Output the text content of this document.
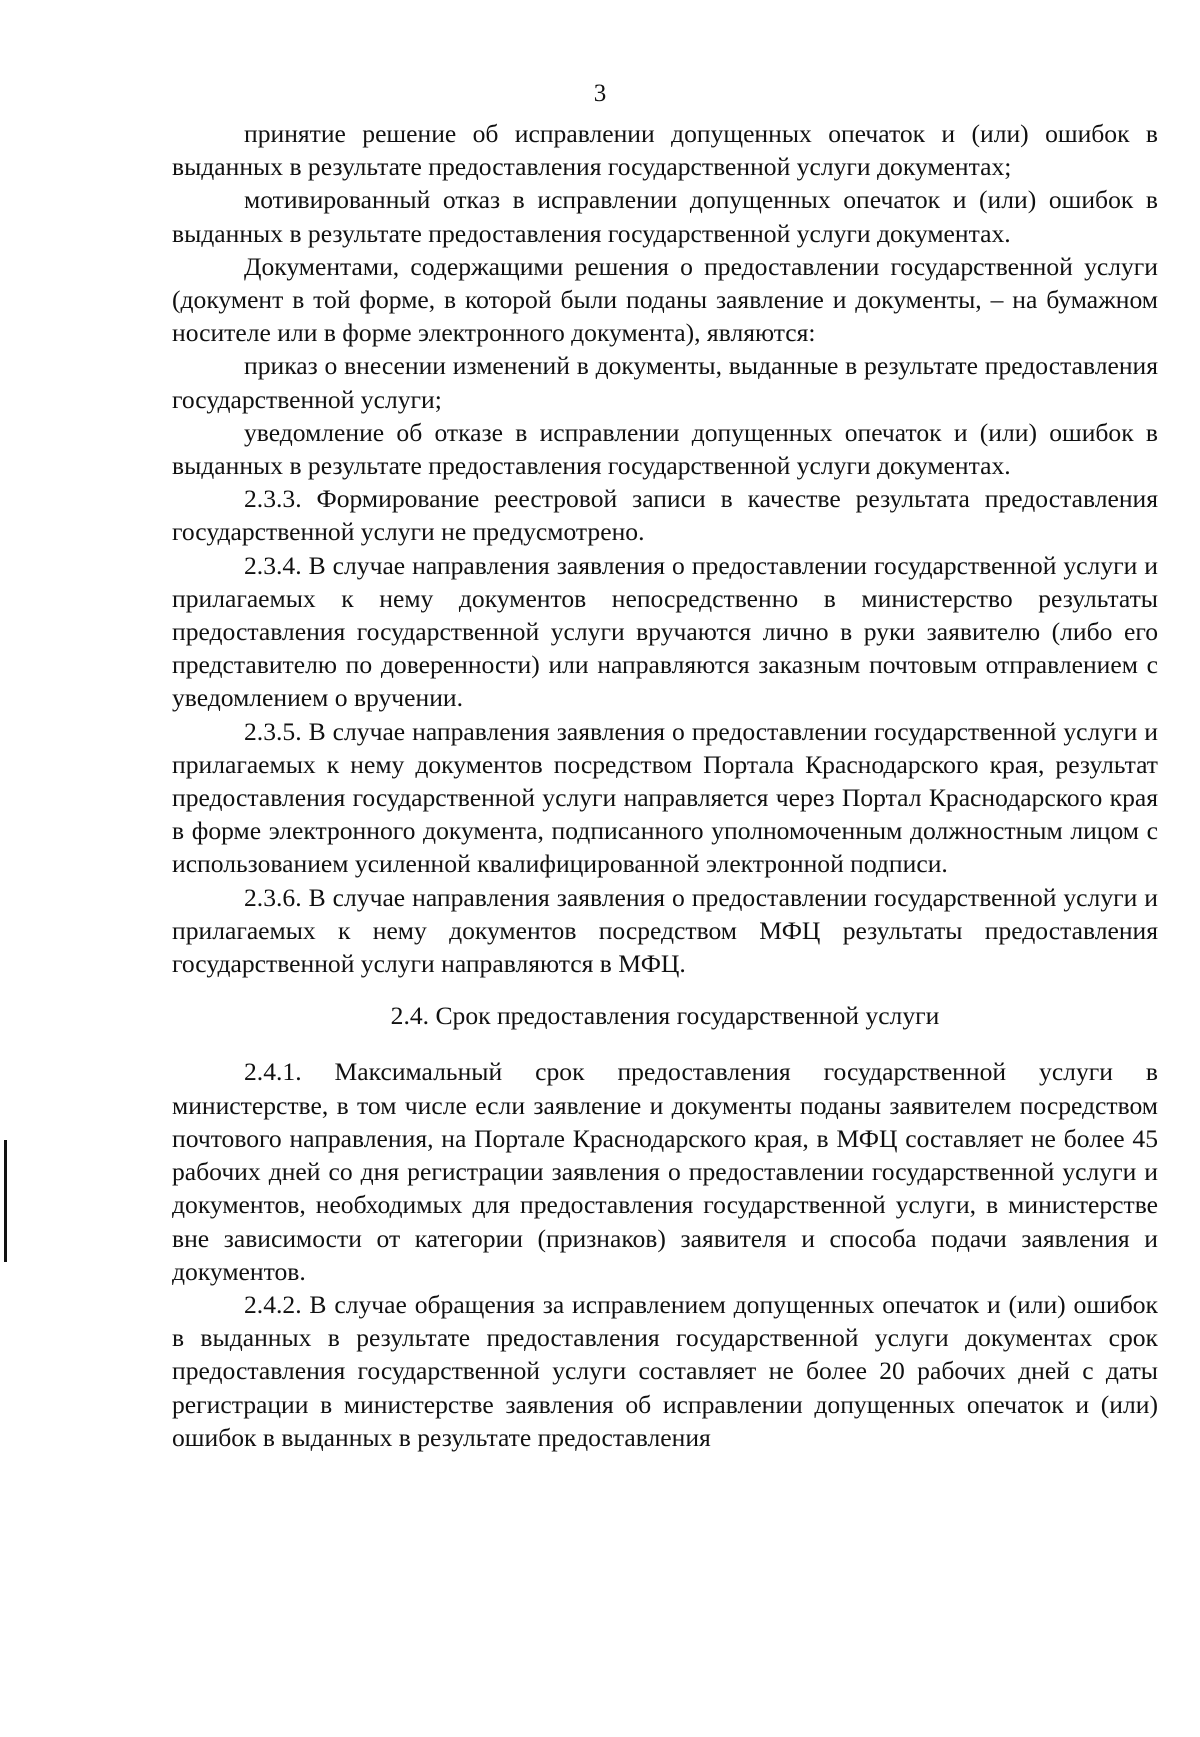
3

принятие решение об исправлении допущенных опечаток и (или) ошибок в выданных в результате предоставления государственной услуги документах;

мотивированный отказ в исправлении допущенных опечаток и (или) ошибок в выданных в результате предоставления государственной услуги документах.

Документами, содержащими решения о предоставлении государственной услуги (документ в той форме, в которой были поданы заявление и документы, – на бумажном носителе или в форме электронного документа), являются:

приказ о внесении изменений в документы, выданные в результате предоставления государственной услуги;

уведомление об отказе в исправлении допущенных опечаток и (или) ошибок в выданных в результате предоставления государственной услуги документах.

2.3.3. Формирование реестровой записи в качестве результата предоставления государственной услуги не предусмотрено.

2.3.4. В случае направления заявления о предоставлении государственной услуги и прилагаемых к нему документов непосредственно в министерство результаты предоставления государственной услуги вручаются лично в руки заявителю (либо его представителю по доверенности) или направляются заказным почтовым отправлением с уведомлением о вручении.

2.3.5. В случае направления заявления о предоставлении государственной услуги и прилагаемых к нему документов посредством Портала Краснодарского края, результат предоставления государственной услуги направляется через Портал Краснодарского края в форме электронного документа, подписанного уполномоченным должностным лицом с использованием усиленной квалифицированной электронной подписи.

2.3.6. В случае направления заявления о предоставлении государственной услуги и прилагаемых к нему документов посредством МФЦ результаты предоставления государственной услуги направляются в МФЦ.

2.4. Срок предоставления государственной услуги

2.4.1. Максимальный срок предоставления государственной услуги в министерстве, в том числе если заявление и документы поданы заявителем посредством почтового направления, на Портале Краснодарского края, в МФЦ составляет не более 45 рабочих дней со дня регистрации заявления о предоставлении государственной услуги и документов, необходимых для предоставления государственной услуги, в министерстве вне зависимости от категории (признаков) заявителя и способа подачи заявления и документов.

2.4.2. В случае обращения за исправлением допущенных опечаток и (или) ошибок в выданных в результате предоставления государственной услуги документах срок предоставления государственной услуги составляет не более 20 рабочих дней с даты регистрации в министерстве заявления об исправлении допущенных опечаток и (или) ошибок в выданных в результате предоставления
